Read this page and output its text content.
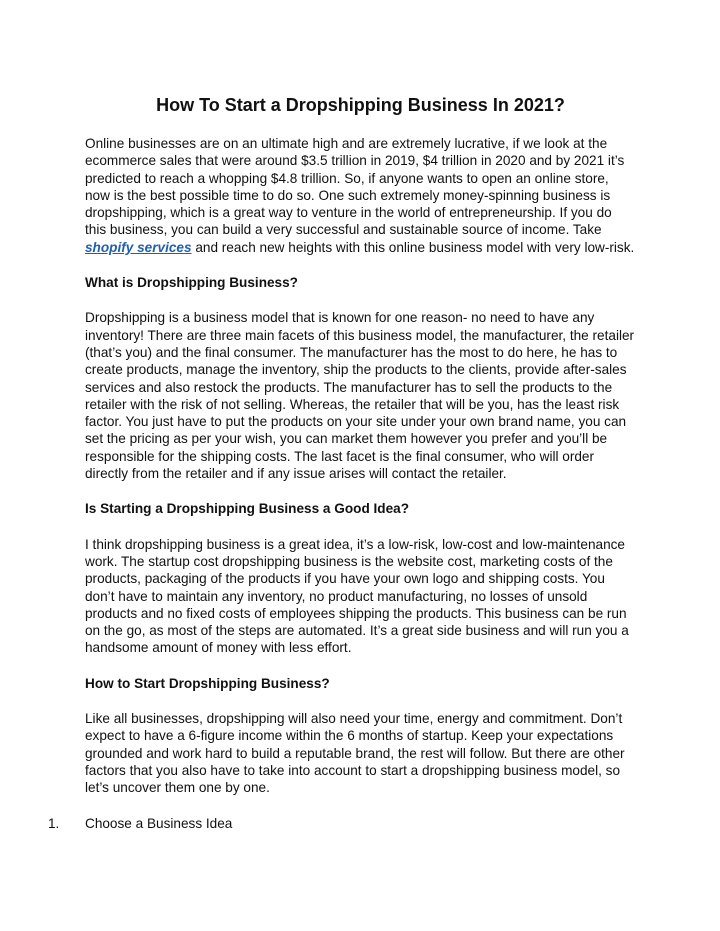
How To Start a Dropshipping Business In 2021?

Online businesses are on an ultimate high and are extremely lucrative, if we look at the ecommerce sales that were around $3.5 trillion in 2019, $4 trillion in 2020 and by 2021 it’s predicted to reach a whopping $4.8 trillion. So, if anyone wants to open an online store, now is the best possible time to do so. One such extremely money-spinning business is dropshipping, which is a great way to venture in the world of entrepreneurship. If you do this business, you can build a very successful and sustainable source of income. Take shopify services and reach new heights with this online business model with very low-risk.

What is Dropshipping Business?

Dropshipping is a business model that is known for one reason- no need to have any inventory! There are three main facets of this business model, the manufacturer, the retailer (that’s you) and the final consumer. The manufacturer has the most to do here, he has to create products, manage the inventory, ship the products to the clients, provide after-sales services and also restock the products. The manufacturer has to sell the products to the retailer with the risk of not selling. Whereas, the retailer that will be you, has the least risk factor. You just have to put the products on your site under your own brand name, you can set the pricing as per your wish, you can market them however you prefer and you’ll be responsible for the shipping costs. The last facet is the final consumer, who will order directly from the retailer and if any issue arises will contact the retailer.

Is Starting a Dropshipping Business a Good Idea?

I think dropshipping business is a great idea, it’s a low-risk, low-cost and low-maintenance work. The startup cost dropshipping business is the website cost, marketing costs of the products, packaging of the products if you have your own logo and shipping costs. You don’t have to maintain any inventory, no product manufacturing, no losses of unsold products and no fixed costs of employees shipping the products. This business can be run on the go, as most of the steps are automated. It’s a great side business and will run you a handsome amount of money with less effort.

How to Start Dropshipping Business?

Like all businesses, dropshipping will also need your time, energy and commitment. Don’t expect to have a 6-figure income within the 6 months of startup. Keep your expectations grounded and work hard to build a reputable brand, the rest will follow. But there are other factors that you also have to take into account to start a dropshipping business model, so let’s uncover them one by one.

1. Choose a Business Idea
